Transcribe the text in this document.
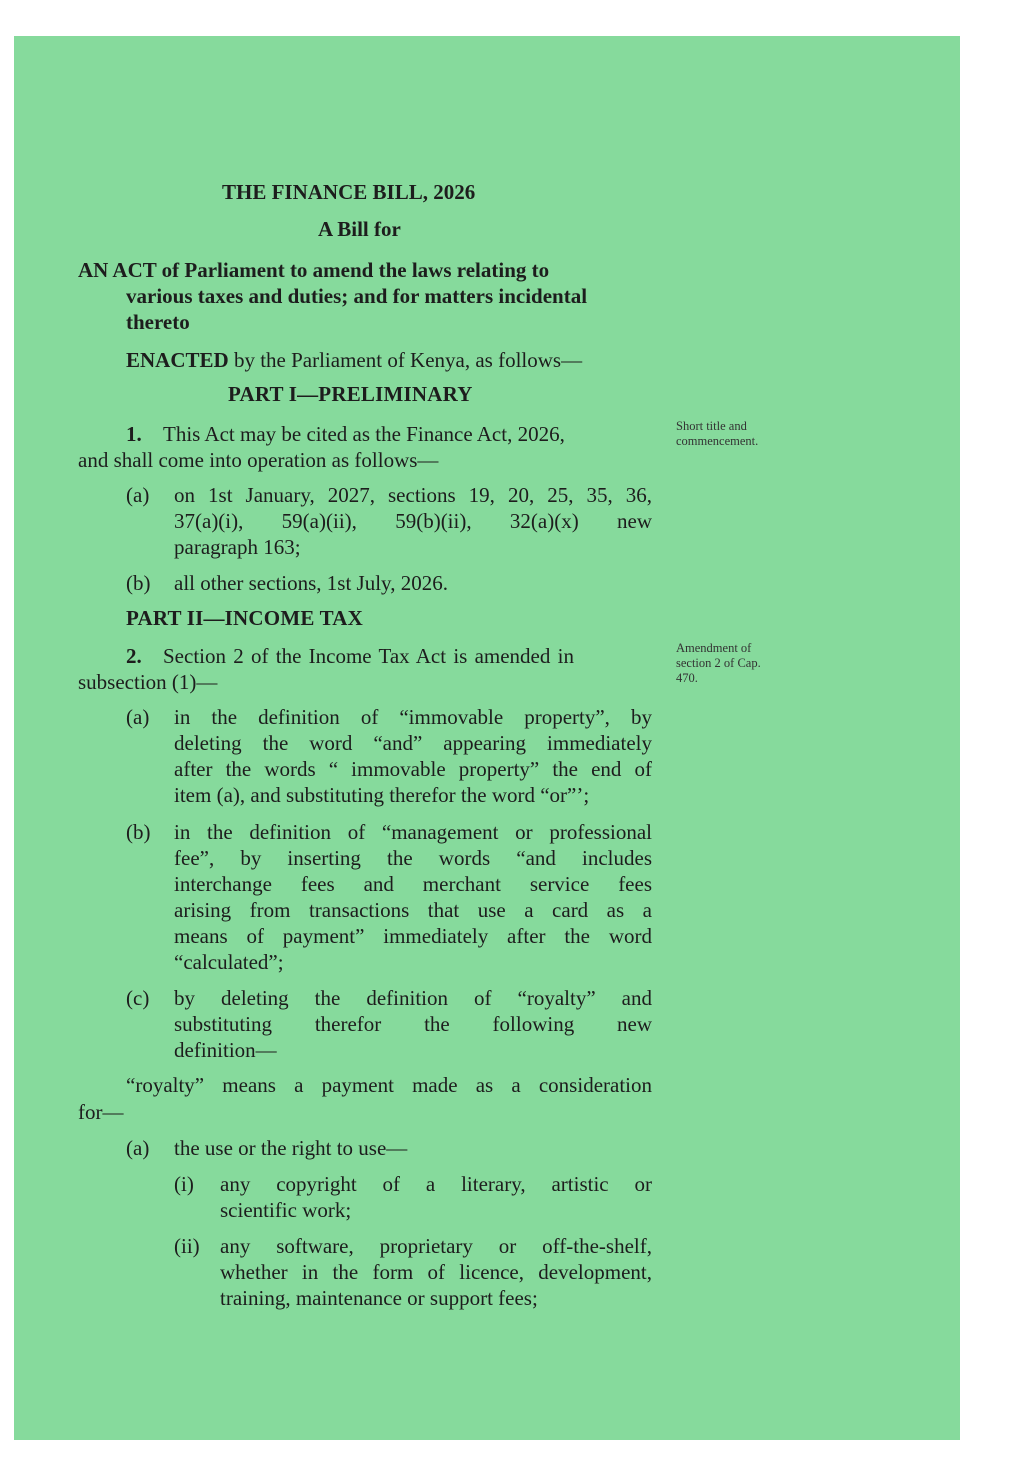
THE FINANCE BILL, 2026
A Bill for
AN ACT of Parliament to amend the laws relating to
various taxes and duties; and for matters incidental
thereto
ENACTED by the Parliament of Kenya, as follows—
PART I—PRELIMINARY
1. This Act may be cited as the Finance Act, 2026,
and shall come into operation as follows—
Short title and
commencement.
(a) on 1st January, 2027, sections 19, 20, 25, 35, 36,
37(a)(i), 59(a)(ii), 59(b)(ii), 32(a)(x) new
paragraph 163;
(b) all other sections, 1st July, 2026.
PART II—INCOME TAX
2. Section 2 of the Income Tax Act is amended in
subsection (1)—
Amendment of
section 2 of Cap.
470.
(a) in the definition of “immovable property”, by
deleting the word “and” appearing immediately
after the words “ immovable property” the end of
item (a), and substituting therefor the word “or”’;
(b) in the definition of “management or professional
fee”, by inserting the words “and includes
interchange fees and merchant service fees
arising from transactions that use a card as a
means of payment” immediately after the word
“calculated”;
(c) by deleting the definition of “royalty” and
substituting therefor the following new
definition—
“royalty” means a payment made as a consideration
for—
(a) the use or the right to use—
(i) any copyright of a literary, artistic or
scientific work;
(ii) any software, proprietary or off-the-shelf,
whether in the form of licence, development,
training, maintenance or support fees;
